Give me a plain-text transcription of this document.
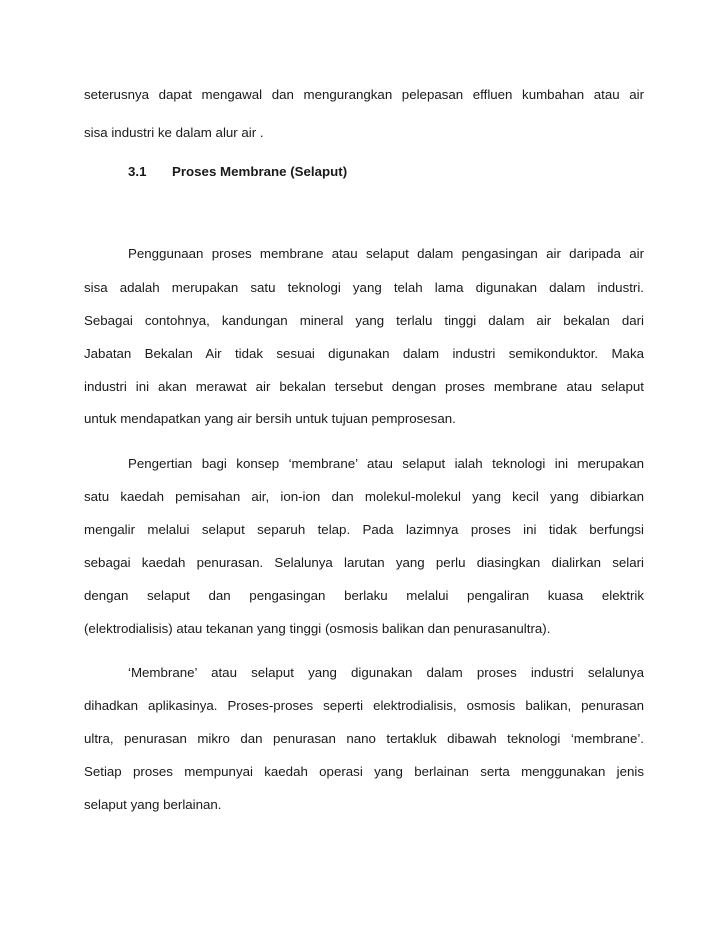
seterusnya dapat mengawal dan mengurangkan pelepasan effluen kumbahan atau air
sisa industri ke dalam alur air .
3.1 Proses Membrane (Selaput)
Penggunaan proses membrane atau selaput dalam pengasingan air daripada air
sisa adalah merupakan satu teknologi yang telah lama digunakan dalam industri.
Sebagai contohnya, kandungan mineral yang terlalu tinggi dalam air bekalan dari
Jabatan Bekalan Air tidak sesuai digunakan dalam industri semikonduktor. Maka
industri ini akan merawat air bekalan tersebut dengan proses membrane atau selaput
untuk mendapatkan yang air bersih untuk tujuan pemprosesan.
Pengertian bagi konsep ‘membrane’ atau selaput ialah teknologi ini merupakan
satu kaedah pemisahan air, ion-ion dan molekul-molekul yang kecil yang dibiarkan
mengalir melalui selaput separuh telap. Pada lazimnya proses ini tidak berfungsi
sebagai kaedah penurasan. Selalunya larutan yang perlu diasingkan dialirkan selari
dengan selaput dan pengasingan berlaku melalui pengaliran kuasa elektrik
(elektrodialisis) atau tekanan yang tinggi (osmosis balikan dan penurasanultra).
‘Membrane’ atau selaput yang digunakan dalam proses industri selalunya
dihadkan aplikasinya. Proses-proses seperti elektrodialisis, osmosis balikan, penurasan
ultra, penurasan mikro dan penurasan nano tertakluk dibawah teknologi ‘membrane’.
Setiap proses mempunyai kaedah operasi yang berlainan serta menggunakan jenis
selaput yang berlainan.
